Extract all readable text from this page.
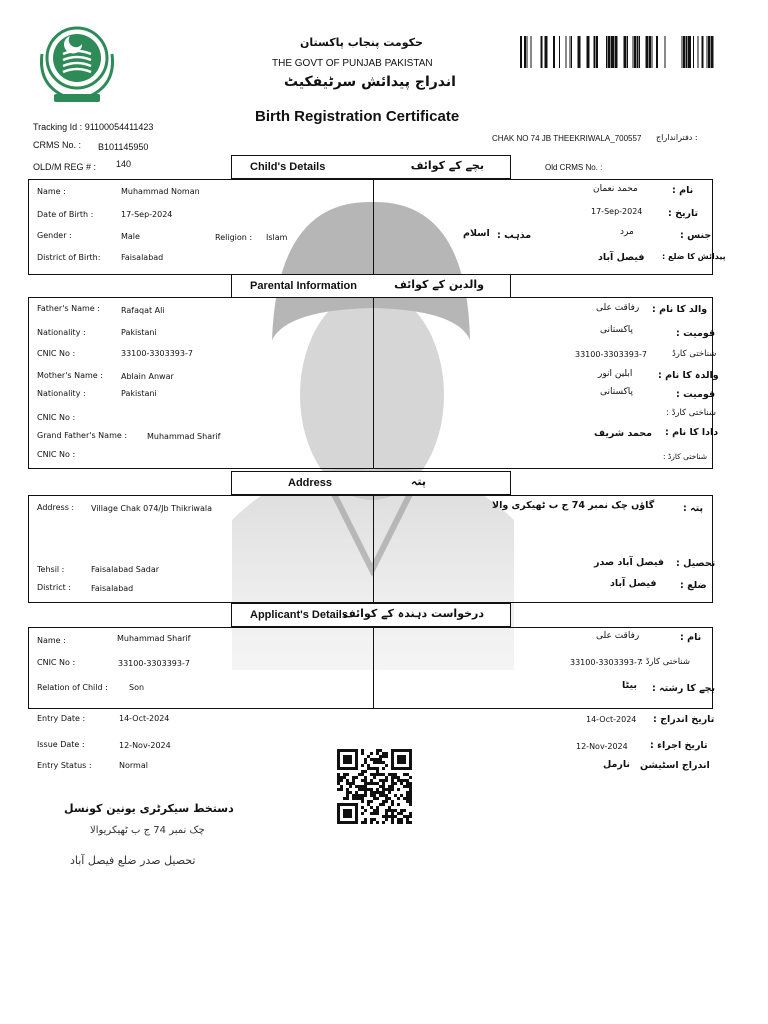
حکومت پنجاب پاکستان
THE GOVT OF PUNJAB PAKISTAN
اندراج پیدائش سرٹیفکیٹ
Birth Registration Certificate
Tracking Id : 91100054411423
CRMS No. : B101145950
OLD/M REG # : 140
CHAK NO 74 JB THEEKRIWALA_700557 : دفترانداراج
Old CRMS No. :
Child's Details	بچے کے کوائف
Name :	Muhammad Noman
Date of Birth :	17-Sep-2024
Gender :	Male	Religion : Islam
District of Birth:	Faisalabad
نام :
محمد نعمان
تاریخ :
17-Sep-2024
جنس :
مرد
مذہب :
اسلام
پیدائش کا ضلع :
فیصل آباد
Parental Information	والدین کے کوائف
Father's Name :	Rafaqat Ali
Nationality :	Pakistani
CNIC No :	33100-3303393-7
Mother's Name : Ablain Anwar
Nationality :	Pakistani
CNIC No :
Grand Father's Name : Muhammad Sharif
CNIC No :
والد کا نام :
رفاقت علی
قومیت :
پاکستانی
شناختی کارڈ
33100-3303393-7
والدہ کا نام :
ابلین انور
قومیت :
پاکستانی
شناختی کارڈ :
دادا کا نام :
محمد شریف
شناختی کارڈ :
Address	پتہ
Address : Village Chak 074/Jb Thikriwala
Tehsil :	Faisalabad Sadar
District :	Faisalabad
پتہ :
گاؤں چک نمبر 74 ج ب ٹھیکری والا
تحصیل :
فیصل آباد صدر
ضلع :
فیصل آباد
Applicant's Details
درخواست دہندہ کے کوائف
Name :	Muhammad Sharif
CNIC No :	33100-3303393-7
Relation of Child :	Son
نام :
رفاقت علی
شناختی کارڈ :
33100-3303393-7
بچے کا رشتہ :
بیٹا
Entry Date :	14-Oct-2024
Issue Date :	12-Nov-2024
Entry Status :	Normal
تاریخ اندراج :
14-Oct-2024
تاریخ اجراء :
12-Nov-2024
اندراج اسٹیشن
نارمل
دستخط سیکرٹری یونین کونسل
چک نمبر 74 ج ب ٹھیکریوالا
تحصیل صدر ضلع فیصل آباد
